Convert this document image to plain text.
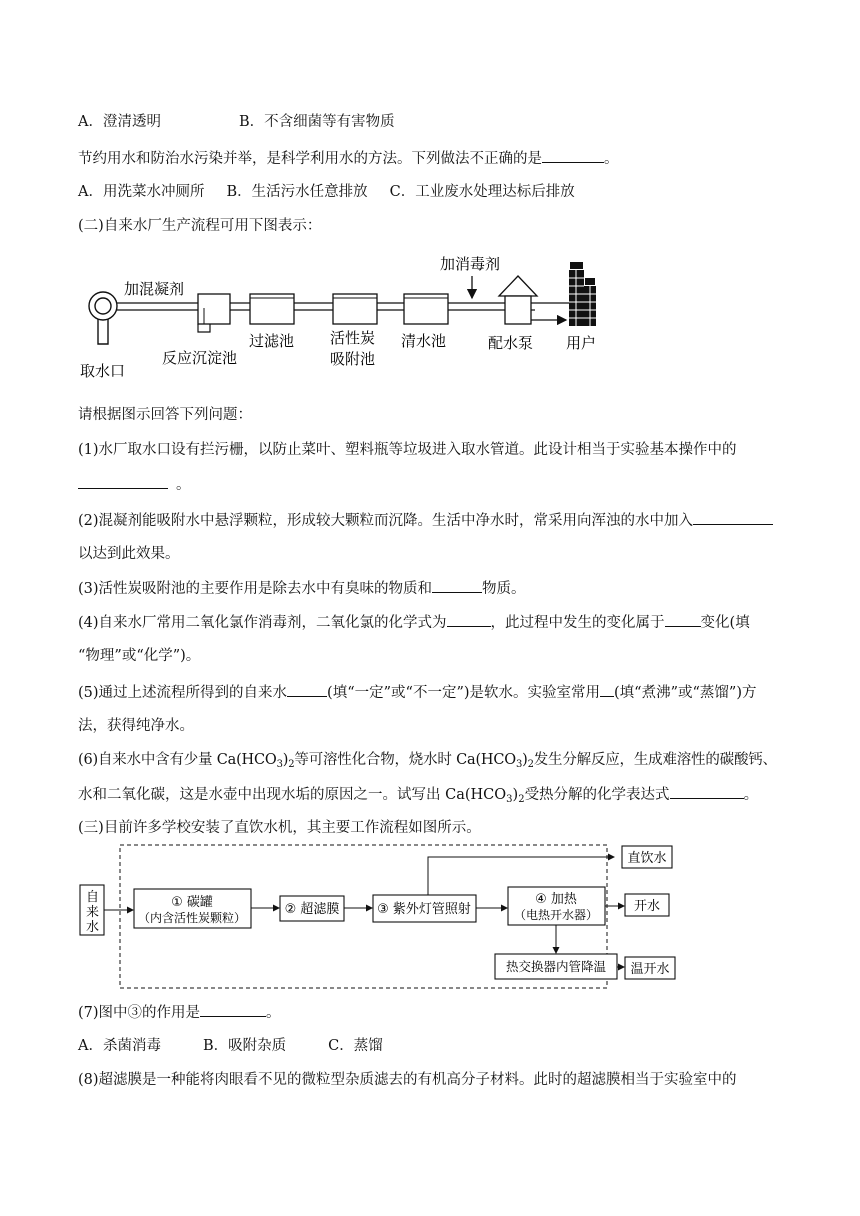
A．澄清透明	B．不含细菌等有害物质
节约用水和防治水污染并举，是科学利用水的方法。下列做法不正确的是	。
A．用洗菜水冲厕所 B．生活污水任意排放 C．工业废水处理达标后排放
(二)自来水厂生产流程可用下图表示：
加混凝剂
加消毒剂
取水口
反应沉淀池
过滤池 活性炭
吸附池
清水池	配水泵 用户
请根据图示回答下列问题：
(1)水厂取水口设有拦污栅，以防止菜叶、塑料瓶等垃圾进入取水管道。此设计相当于实验基本操作中的
。
(2)混凝剂能吸附水中悬浮颗粒，形成较大颗粒而沉降。生活中净水时，常采用向浑浊的水中加入
以达到此效果。
(3)活性炭吸附池的主要作用是除去水中有臭味的物质和	物质。
(4)自来水厂常用二氧化氯作消毒剂，二氧化氯的化学式为	，此过程中发生的变化属于 变化(填
“物理”或“化学”)。
(5)通过上述流程所得到的自来水	(填“一定”或“不一定”)是软水。实验室常用 (填“煮沸”或“蒸馏”)方
法，获得纯净水。
(6)自来水中含有少量 $Ca(HCO_3)_2$等可溶性化合物，烧水时 $Ca(HCO_3)_2$发生分解反应，生成难溶性的碳酸钙、
水和二氧化碳，这是水壶中出现水垢的原因之一。试写出 $Ca(HCO_3)_2$受热分解的化学表达式	。
(三)目前许多学校安装了直饮水机，其主要工作流程如图所示。
自
来
水
① 碳罐
（内含活性炭颗粒）
② 超滤膜	③ 紫外灯管照射
④ 加热
（电热开水器）
热交换器内管降温
直饮水
开水
温开水
(7)图中③的作用是	。
A．杀菌消毒	B．吸附杂质	C．蒸馏
(8)超滤膜是一种能将肉眼看不见的微粒型杂质滤去的有机高分子材料。此时的超滤膜相当于实验室中的
